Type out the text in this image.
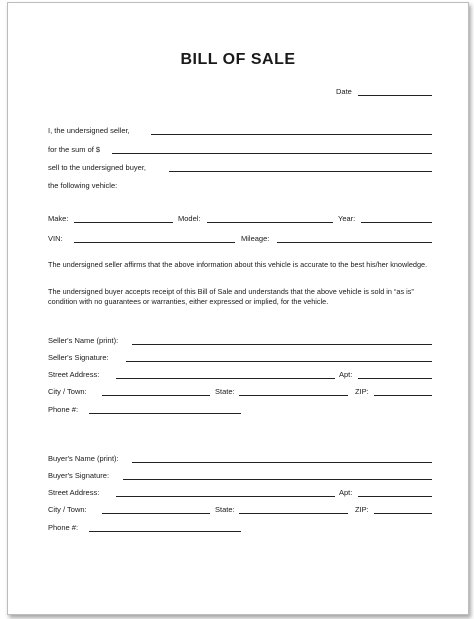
BILL OF SALE
Date
I, the undersigned seller,
for the sum of $
sell to the undersigned buyer,
the following vehicle:
Make:	Model:	Year:
VIN:	Mileage:
The undersigned seller affirms that the above information about this vehicle is accurate to the best his/her knowledge.
The undersigned buyer accepts receipt of this Bill of Sale and understands that the above vehicle is sold in “as is” condition with no guarantees or warranties, either expressed or implied, for the vehicle.
Seller's Name (print):
Seller's Signature:
Street Address:	Apt:
City / Town:	State:	ZIP:
Phone #:
Buyer's Name (print):
Buyer's Signature:
Street Address:	Apt:
City / Town:	State:	ZIP:
Phone #:
